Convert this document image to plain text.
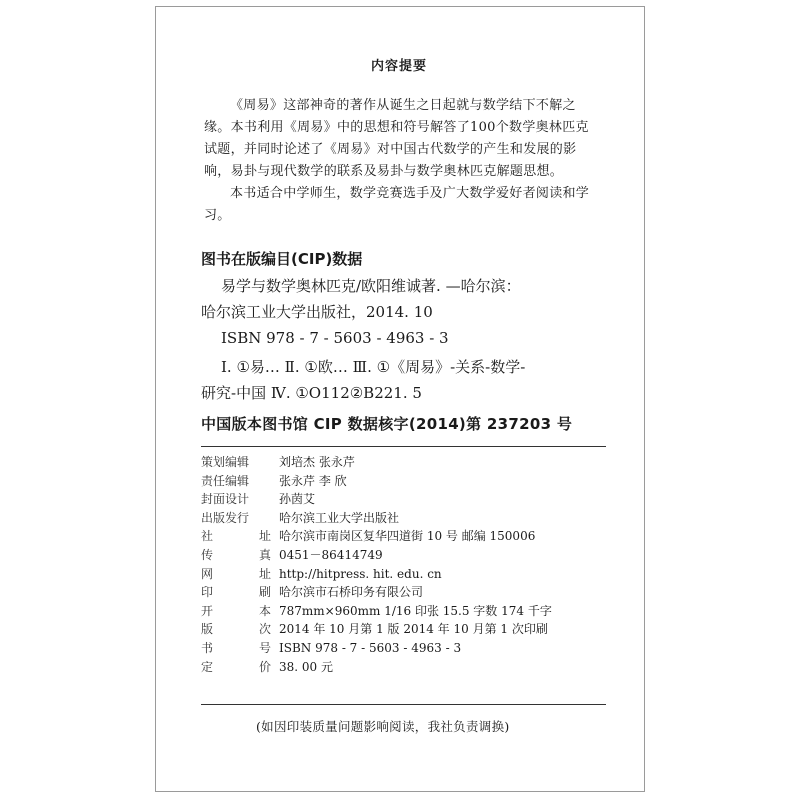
内容提要

《周易》这部神奇的著作从诞生之日起就与数学结下不解之缘。本书利用《周易》中的思想和符号解答了100个数学奥林匹克试题，并同时论述了《周易》对中国古代数学的产生和发展的影响，易卦与现代数学的联系及易卦与数学奥林匹克解题思想。

本书适合中学师生，数学竞赛选手及广大数学爱好者阅读和学习。

图书在版编目(CIP)数据
易学与数学奥林匹克/欧阳维诚著. —哈尔滨：
哈尔滨工业大学出版社，2014. 10
ISBN 978 - 7 - 5603 - 4963 - 3
Ⅰ. ①易… Ⅱ. ①欧… Ⅲ. ①《周易》-关系-数学-
研究-中国 Ⅳ. ①O112②B221. 5
中国版本图书馆 CIP 数据核字(2014)第 237203 号
策划编辑	刘培杰 张永芹
责任编辑	张永芹 李 欣
封面设计	孙茵艾
出版发行	哈尔滨工业大学出版社
社	址 哈尔滨市南岗区复华四道街 10 号 邮编 150006
传	真 0451－86414749
网	址 http://hitpress. hit. edu. cn
印	刷 哈尔滨市石桥印务有限公司
开	本 787mm×960mm 1/16 印张 15.5 字数 174 千字
版	次 2014 年 10 月第 1 版 2014 年 10 月第 1 次印刷
书	号 ISBN 978 - 7 - 5603 - 4963 - 3
定	价 38. 00 元
(如因印装质量问题影响阅读，我社负责调换)
